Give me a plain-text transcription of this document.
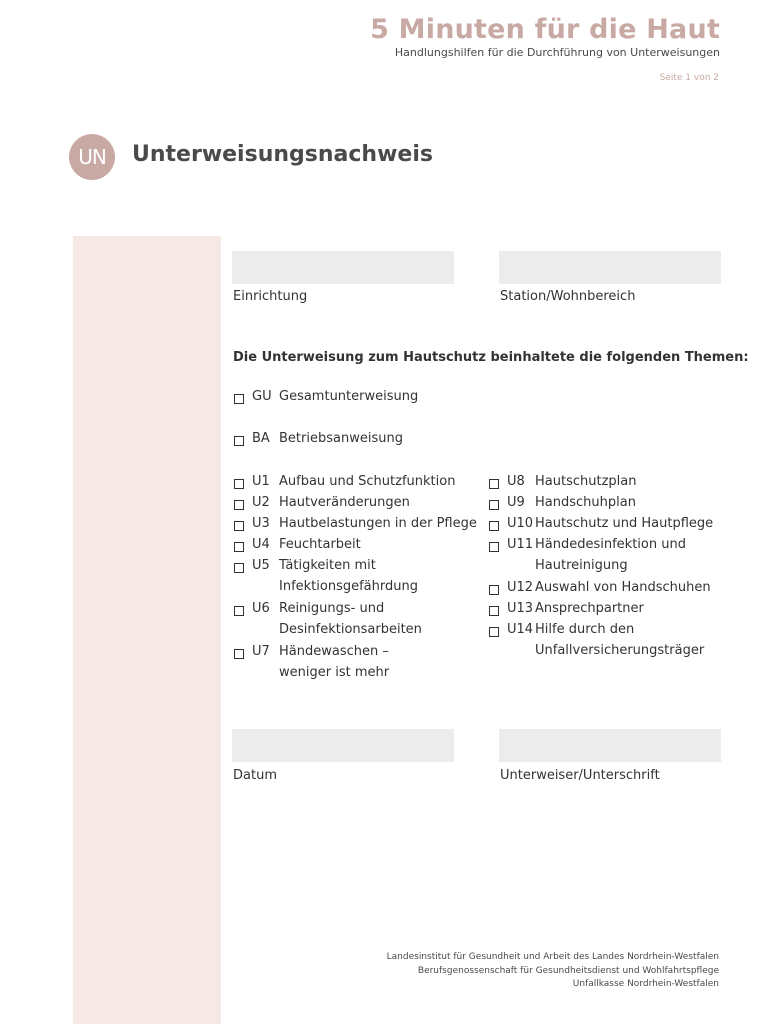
5 Minuten für die Haut
Handlungshilfen für die Durchführung von Unterweisungen
Seite 1 von 2
UN	Unterweisungsnachweis
Einrichtung	Station/Wohnbereich
Die Unterweisung zum Hautschutz beinhaltete die folgenden Themen:
GU Gesamtunterweisung
BA Betriebsanweisung
U1 Aufbau und Schutzfunktion
U2 Hautveränderungen
U3 Hautbelastungen in der Pflege
U4 Feuchtarbeit
U5 Tätigkeiten mit
Infektionsgefährdung
U6 Reinigungs- und
Desinfektionsarbeiten
U7 Händewaschen –
weniger ist mehr
U8 Hautschutzplan
U9 Handschuhplan
U10 Hautschutz und Hautpflege
U11 Händedesinfektion und
Hautreinigung
U12 Auswahl von Handschuhen
U13 Ansprechpartner
U14 Hilfe durch den
Unfallversicherungsträger
Datum	Unterweiser/Unterschrift
Landesinstitut für Gesundheit und Arbeit des Landes Nordrhein-Westfalen
Berufsgenossenschaft für Gesundheitsdienst und Wohlfahrtspflege
Unfallkasse Nordrhein-Westfalen
